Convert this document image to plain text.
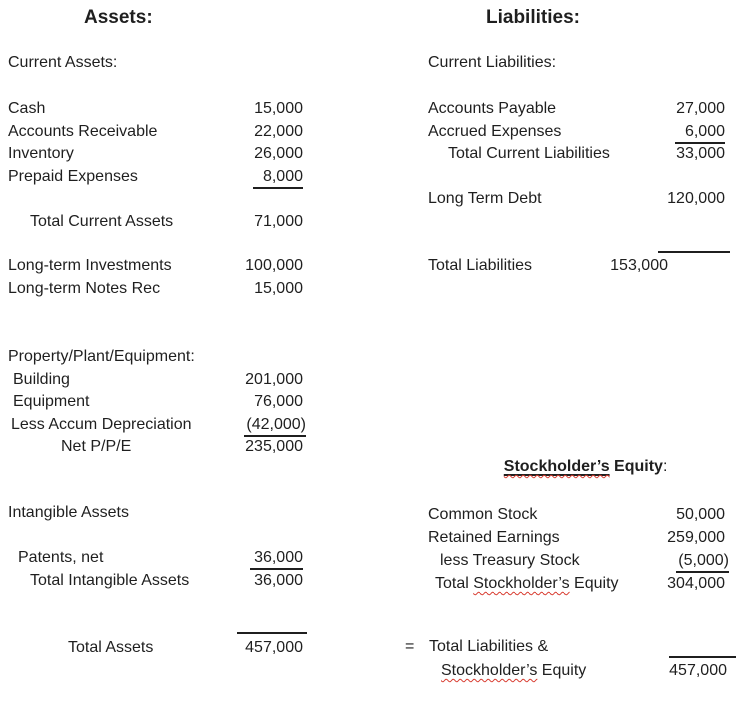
Assets:	Liabilities:
Current Assets:
Cash	15,000
Accounts Receivable	22,000
Inventory	26,000
Prepaid Expenses	8,000
Total Current Assets	71,000
Long-term Investments	100,000
Long-term Notes Rec	15,000
Property/Plant/Equipment:
Building	201,000
Equipment	76,000
Less Accum Depreciation	(42,000)
Net P/P/E	235,000
Intangible Assets
Patents, net	36,000
Total Intangible Assets	36,000
Total Assets	457,000
Current Liabilities:
Accounts Payable	27,000
Accrued Expenses	6,000
Total Current Liabilities	33,000
Long Term Debt	120,000
Total Liabilities	153,000

Stockholder’s Equity:

Common Stock	50,000
Retained Earnings	259,000
less Treasury Stock	(5,000)
Total Stockholder’s Equity	304,000
= Total Liabilities &
Stockholder’s Equity	457,000
